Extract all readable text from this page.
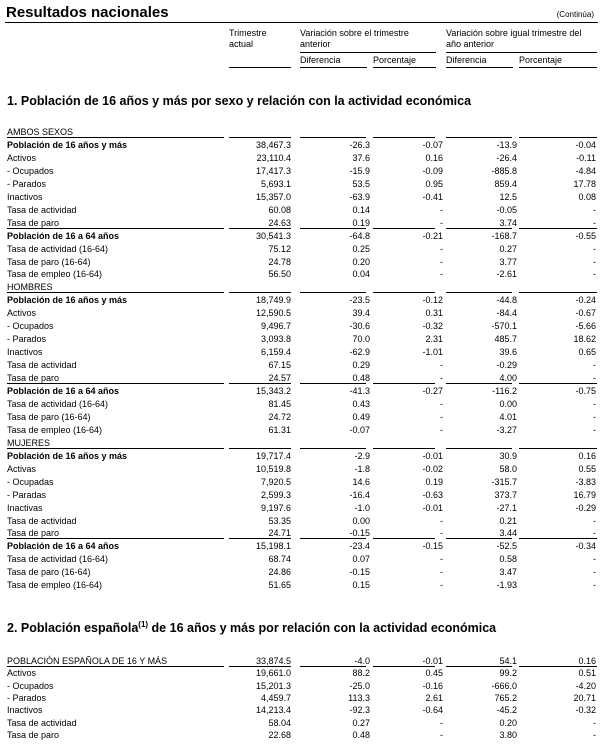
Resultados nacionales	(Continúa)
Trimestre actual
Variación sobre el trimestre anterior
Variación sobre igual trimestre del año anterior
Diferencia	Porcentaje	Diferencia	Porcentaje
1. Población de 16 años y más por sexo y relación con la actividad económica
AMBOS SEXOS
Población de 16 años y más	38,467.3	-26.3	-0.07	-13.9	-0.04
Activos	23,110.4	37.6	0.16	-26.4	-0.11
- Ocupados	17,417.3	-15.9	-0.09	-885.8	-4.84
- Parados	5,693.1	53.5	0.95	859.4	17.78
Inactivos	15,357.0	-63.9	-0.41	12.5	0.08
Tasa de actividad	60.08	0.14	-	-0.05	-
Tasa de paro	24.63	0.19	-	3.74	-
Población de 16 a 64 años	30,541.3	-64.8	-0.21	-168.7	-0.55
Tasa de actividad (16-64)	75.12	0.25	-	0.27	-
Tasa de paro (16-64)	24.78	0.20	-	3.77	-
Tasa de empleo (16-64)	56.50	0.04	-	-2.61	-
HOMBRES
Población de 16 años y más	18,749.9	-23.5	-0.12	-44.8	-0.24
Activos	12,590.5	39.4	0.31	-84.4	-0.67
- Ocupados	9,496.7	-30.6	-0.32	-570.1	-5.66
- Parados	3,093.8	70.0	2.31	485.7	18.62
Inactivos	6,159.4	-62.9	-1.01	39.6	0.65
Tasa de actividad	67.15	0.29	-	-0.29	-
Tasa de paro	24.57	0.48	-	4.00	-
Población de 16 a 64 años	15,343.2	-41.3	-0.27	-116.2	-0.75
Tasa de actividad (16-64)	81.45	0.43	-	0.00	-
Tasa de paro (16-64)	24.72	0.49	-	4.01	-
Tasa de empleo (16-64)	61.31	-0.07	-	-3.27	-
MUJERES
Población de 16 años y más	19,717.4	-2.9	-0.01	30.9	0.16
Activas	10,519.8	-1.8	-0.02	58.0	0.55
- Ocupadas	7,920.5	14.6	0.19	-315.7	-3.83
- Paradas	2,599.3	-16.4	-0.63	373.7	16.79
Inactivas	9,197.6	-1.0	-0.01	-27.1	-0.29
Tasa de actividad	53.35	0.00	-	0.21	-
Tasa de paro	24.71	-0.15	-	3.44	-
Población de 16 a 64 años	15,198.1	-23.4	-0.15	-52.5	-0.34
Tasa de actividad (16-64)	68.74	0.07	-	0.58	-
Tasa de paro (16-64)	24.86	-0.15	-	3.47	-
Tasa de empleo (16-64)	51.65	0.15	-	-1.93	-
2. Población española$^{(1)}$ de 16 años y más por relación con la actividad económica
POBLACIÓN ESPAÑOLA DE 16 Y MÁS	33,874.5	-4.0	-0.01	54.1	0.16
Activos	19,661.0	88.2	0.45	99.2	0.51
- Ocupados	15,201.3	-25.0	-0.16	-666.0	-4.20
- Parados	4,459.7	113.3	2.61	765.2	20.71
Inactivos	14,213.4	-92.3	-0.64	-45.2	-0.32
Tasa de actividad	58.04	0.27	-	0.20	-
Tasa de paro	22.68	0.48	-	3.80	-
